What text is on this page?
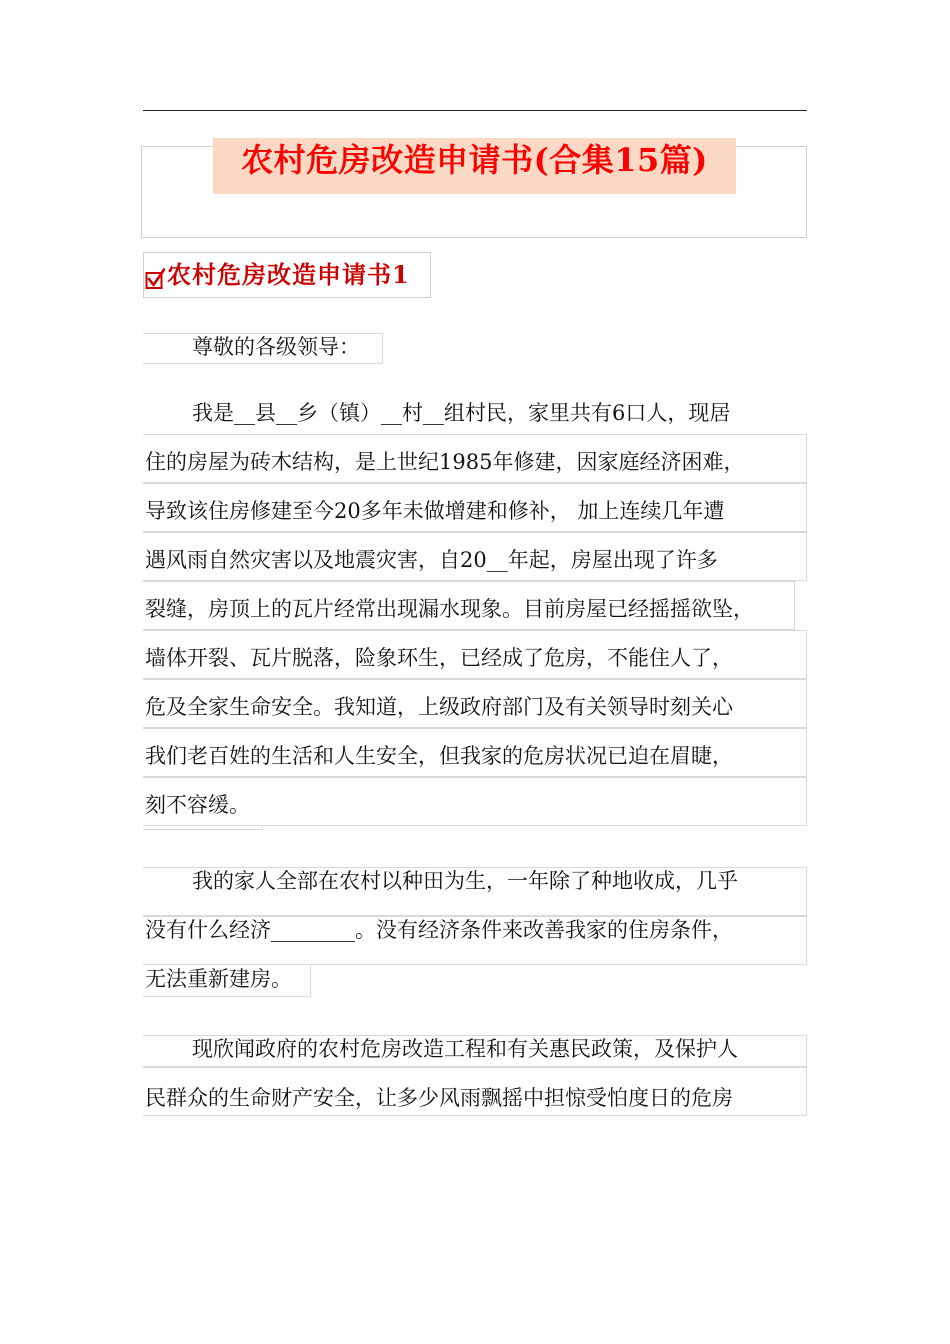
农村危房改造申请书(合集15篇)
农村危房改造申请书1
尊敬的各级领导：
我是__县__乡（镇）__村__组村民，家里共有6口人，现居
住的房屋为砖木结构，是上世纪1985年修建，因家庭经济困难，
导致该住房修建至今20多年未做增建和修补， 加上连续几年遭
遇风雨自然灾害以及地震灾害，自20__年起，房屋出现了许多
裂缝，房顶上的瓦片经常出现漏水现象。目前房屋已经摇摇欲坠，
墙体开裂、瓦片脱落，险象环生，已经成了危房，不能住人了，
危及全家生命安全。我知道，上级政府部门及有关领导时刻关心
我们老百姓的生活和人生安全，但我家的危房状况已迫在眉睫，
刻不容缓。
我的家人全部在农村以种田为生，一年除了种地收成，几乎
没有什么经济________。没有经济条件来改善我家的住房条件，
无法重新建房。
现欣闻政府的农村危房改造工程和有关惠民政策，及保护人
民群众的生命财产安全，让多少风雨飘摇中担惊受怕度日的危房
